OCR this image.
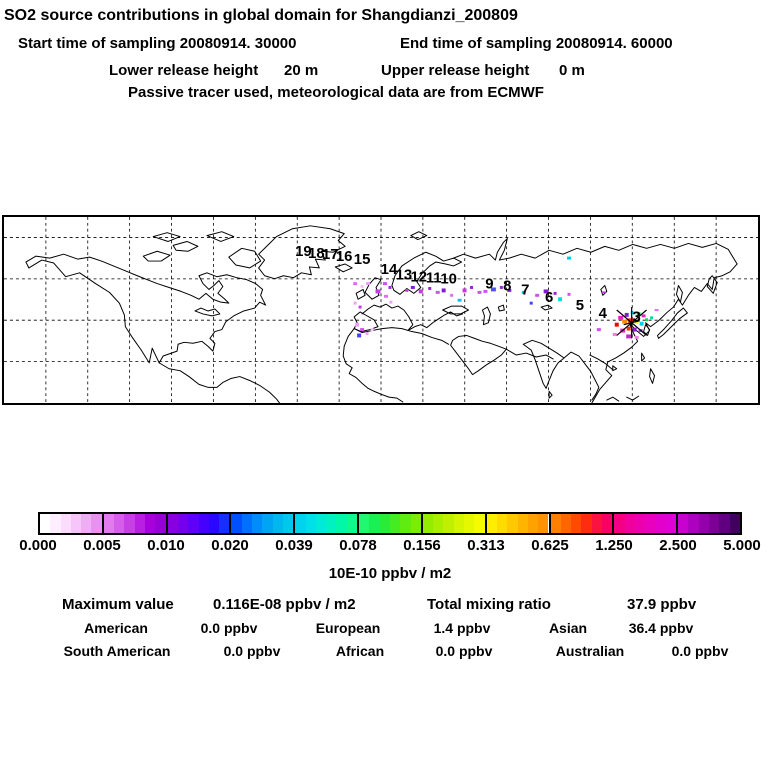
SO2 source contributions in global domain for Shangdianzi_200809
Start time of sampling 20080914. 30000	End time of sampling 20080914. 60000
Lower release height 20 m	Upper release height 0 m
Passive tracer used, meteorological data are from ECMWF
19
18
17
16 15
14
13
12
11
10 9 8 7 6 5 4 3
0.000 0.005 0.010 0.020 0.039 0.078 0.156 0.313 0.625 1.250 2.500 5.000
10E-10 ppbv / m2
Maximum value	0.116E-08 ppbv / m2	Total mixing ratio	37.9 ppbv
American	0.0 ppbv	European	1.4 ppbv	Asian	36.4 ppbv
South American	0.0 ppbv	African	0.0 ppbv	Australian	0.0 ppbv
